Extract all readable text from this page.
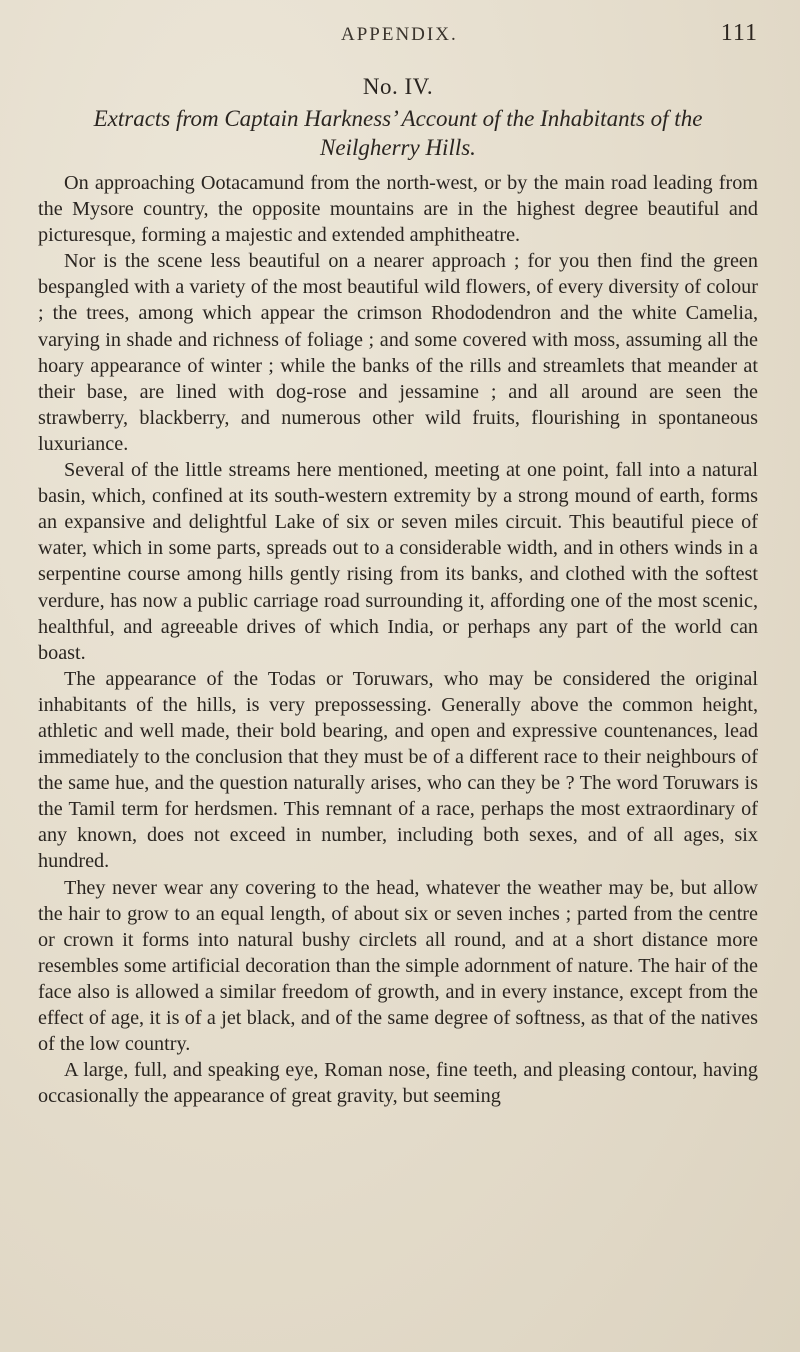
APPENDIX.	111
No. IV.
Extracts from Captain Harkness’ Account of the Inhabitants of the Neilgherry Hills.

On approaching Ootacamund from the north-west, or by the main road leading from the Mysore country, the opposite mountains are in the highest degree beautiful and picturesque, forming a majestic and extended amphitheatre.

Nor is the scene less beautiful on a nearer approach ; for you then find the green bespangled with a variety of the most beautiful wild flowers, of every diversity of colour ; the trees, among which appear the crimson Rhododendron and the white Camelia, varying in shade and richness of foliage ; and some covered with moss, assuming all the hoary appearance of winter ; while the banks of the rills and streamlets that meander at their base, are lined with dog-rose and jessamine ; and all around are seen the strawberry, blackberry, and numerous other wild fruits, flourishing in spontaneous luxuriance.

Several of the little streams here mentioned, meeting at one point, fall into a natural basin, which, confined at its south-western extremity by a strong mound of earth, forms an expansive and delightful Lake of six or seven miles circuit. This beautiful piece of water, which in some parts, spreads out to a considerable width, and in others winds in a serpentine course among hills gently rising from its banks, and clothed with the softest verdure, has now a public carriage road surrounding it, affording one of the most scenic, healthful, and agreeable drives of which India, or perhaps any part of the world can boast.

The appearance of the Todas or Toruwars, who may be considered the original inhabitants of the hills, is very prepossessing. Generally above the common height, athletic and well made, their bold bearing, and open and expressive countenances, lead immediately to the conclusion that they must be of a different race to their neighbours of the same hue, and the question naturally arises, who can they be ? The word Toruwars is the Tamil term for herdsmen. This remnant of a race, perhaps the most extraordinary of any known, does not exceed in number, including both sexes, and of all ages, six hundred.

They never wear any covering to the head, whatever the weather may be, but allow the hair to grow to an equal length, of about six or seven inches ; parted from the centre or crown it forms into natural bushy circlets all round, and at a short distance more resembles some artificial decoration than the simple adornment of nature. The hair of the face also is allowed a similar freedom of growth, and in every instance, except from the effect of age, it is of a jet black, and of the same degree of softness, as that of the natives of the low country.

A large, full, and speaking eye, Roman nose, fine teeth, and pleasing contour, having occasionally the appearance of great gravity, but seeming
